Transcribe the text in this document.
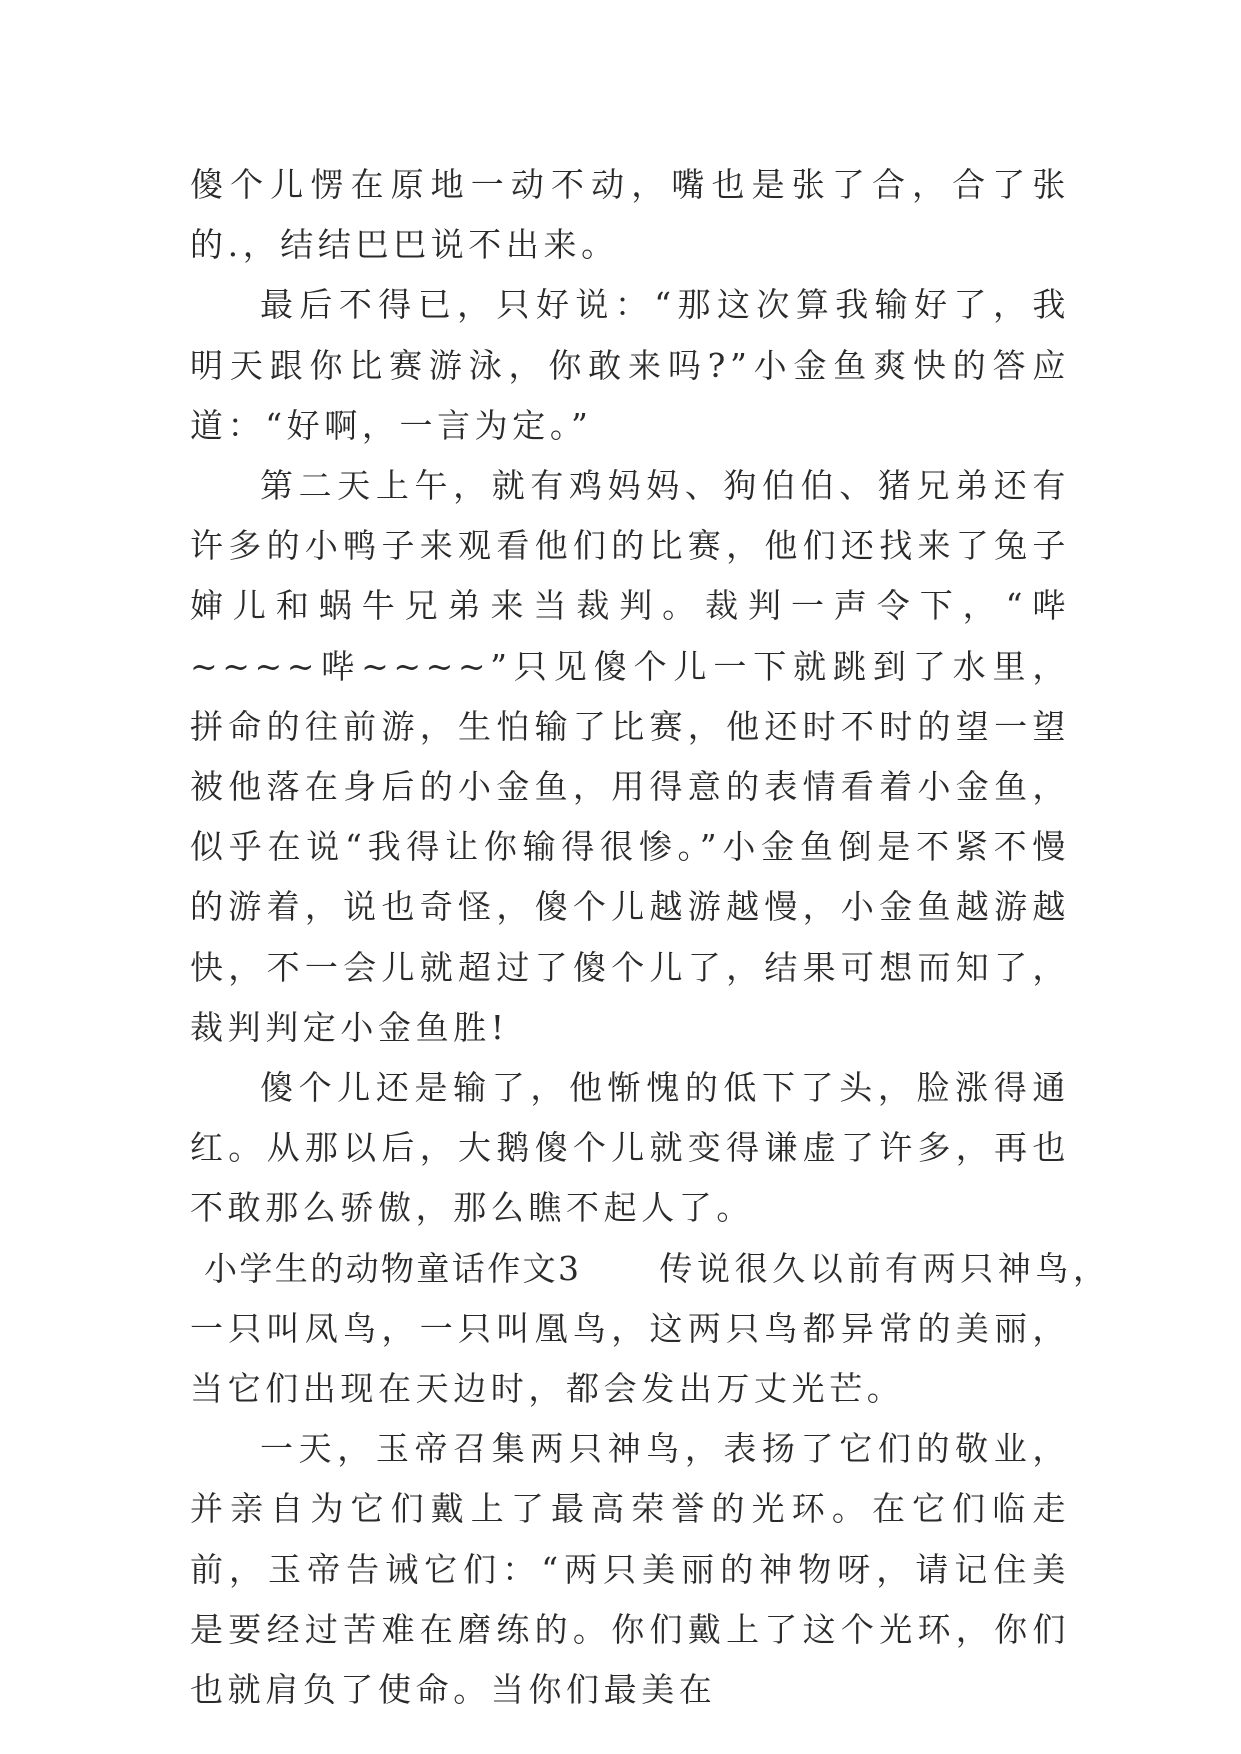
傻个儿愣在原地一动不动，嘴也是张了合，合了张的.，结结巴巴说不出来。

最后不得已，只好说：“那这次算我输好了，我明天跟你比赛游泳，你敢来吗?”小金鱼爽快的答应道：“好啊，一言为定。”

第二天上午，就有鸡妈妈、狗伯伯、猪兄弟还有许多的小鸭子来观看他们的比赛，他们还找来了兔子婶儿和蜗牛兄弟来当裁判。裁判一声令下，“哔~~~~哔~~~~”只见傻个儿一下就跳到了水里，拼命的往前游，生怕输了比赛，他还时不时的望一望被他落在身后的小金鱼，用得意的表情看着小金鱼，似乎在说“我得让你输得很惨。”小金鱼倒是不紧不慢的游着，说也奇怪，傻个儿越游越慢，小金鱼越游越快，不一会儿就超过了傻个儿了，结果可想而知了，裁判判定小金鱼胜!

傻个儿还是输了，他惭愧的低下了头，脸涨得通红。从那以后，大鹅傻个儿就变得谦虚了许多，再也不敢那么骄傲，那么瞧不起人了。

小学生的动物童话作文3 传说很久以前有两只神鸟，

一只叫凤鸟，一只叫凰鸟，这两只鸟都异常的美丽，当它们出现在天边时，都会发出万丈光芒。

一天，玉帝召集两只神鸟，表扬了它们的敬业，并亲自为它们戴上了最高荣誉的光环。在它们临走前，玉帝告诫它们：“两只美丽的神物呀，请记住美是要经过苦难在磨练的。你们戴上了这个光环，你们也就肩负了使命。当你们最美在
